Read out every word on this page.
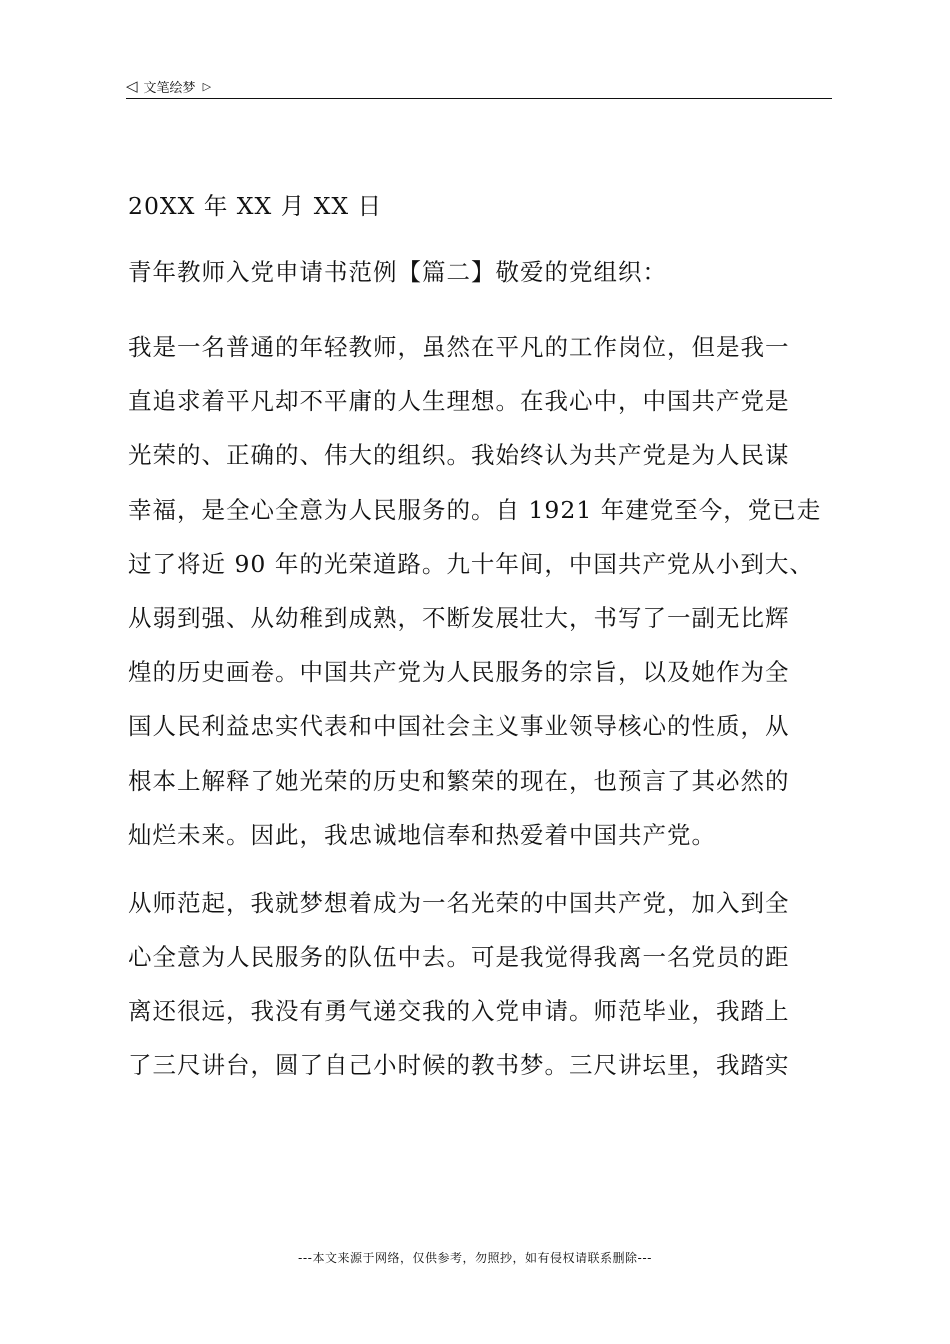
◁ 文笔绘梦 ▷
20XX 年 XX 月 XX 日
青年教师入党申请书范例【篇二】敬爱的党组织：
我是一名普通的年轻教师，虽然在平凡的工作岗位，但是我一
直追求着平凡却不平庸的人生理想。在我心中，中国共产党是
光荣的、正确的、伟大的组织。我始终认为共产党是为人民谋
幸福，是全心全意为人民服务的。自 1921 年建党至今，党已走
过了将近 90 年的光荣道路。九十年间，中国共产党从小到大、
从弱到强、从幼稚到成熟，不断发展壮大，书写了一副无比辉
煌的历史画卷。中国共产党为人民服务的宗旨，以及她作为全
国人民利益忠实代表和中国社会主义事业领导核心的性质，从
根本上解释了她光荣的历史和繁荣的现在，也预言了其必然的
灿烂未来。因此，我忠诚地信奉和热爱着中国共产党。
从师范起，我就梦想着成为一名光荣的中国共产党，加入到全
心全意为人民服务的队伍中去。可是我觉得我离一名党员的距
离还很远，我没有勇气递交我的入党申请。师范毕业，我踏上
了三尺讲台，圆了自己小时候的教书梦。三尺讲坛里，我踏实
---本文来源于网络，仅供参考，勿照抄，如有侵权请联系删除---
